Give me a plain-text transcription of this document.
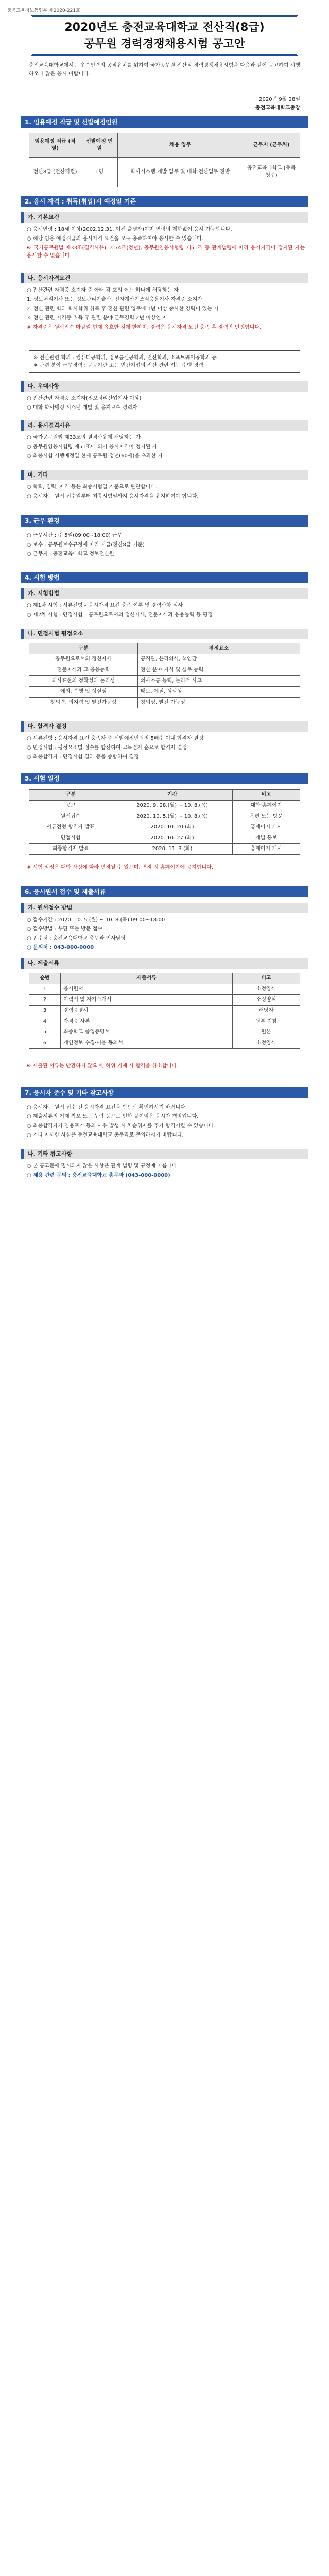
충북교육청노동업무 제2020-221호
2020년도 충전교육대학교 전산직(8급)
공무원 경력경쟁채용시험 공고안
충전교육대학교에서는 우수인력의 공직유치를 위하여 국가공무원 전산직 경력경쟁채용시험을 다음과 같이 공고하여 시행하오니 많은 응시 바랍니다.
2020년 9월 28일
충전교육대학교총장
1. 임용예정 직급 및 선발예정인원
임용예정 직급 (직렬)	선발예정 인원	채용 업무	근무지 (근무처)
전산8급 (전산직렬)	1명	학사시스템 개발 업무 및 대학 전산업무 전반	충전교육대학교 (충북청주)
2. 응시 자격 : 취득(취업)시 예정일 기준
가. 기본요건

○ 응시연령 : 18세 이상(2002.12.31. 이전 출생자)이며 연령의 제한없이 응시 가능합니다.

○ 해당 임용 예정직급의 응시자격 요건을 모두 충족하여야 응시할 수 있습니다.

※ 국가공무원법 제33조(결격사유), 제74조(정년), 공무원임용시험령 제51조 등 관계법령에 따라 응시자격이 정지된 자는 응시할 수 없습니다.

나. 응시자격요건

○ 전산관련 자격증 소지자 중 아래 각 호의 어느 하나에 해당하는 자

1. 정보처리기사 또는 정보관리기술사, 전자계산기조직응용기사 자격증 소지자

2. 전산 관련 학과 학사학위 취득 후 전산 관련 업무에 1년 이상 종사한 경력이 있는 자

3. 전산 관련 자격증 취득 후 관련 분야 근무경력 2년 이상인 자

※ 자격증은 원서접수 마감일 현재 유효한 것에 한하며, 경력은 응시자격 요건 충족 후 경력만 인정합니다.

※ 전산관련 학과 : 컴퓨터공학과, 정보통신공학과, 전산학과, 소프트웨어공학과 등
※ 관련 분야 근무경력 : 공공기관 또는 민간기업의 전산 관련 업무 수행 경력
다. 우대사항

○ 전산관련 자격증 소지자(정보처리산업기사 이상)

○ 대학 학사행정 시스템 개발 및 유지보수 경력자

라. 응시결격사유

○ 국가공무원법 제33조의 결격사유에 해당하는 자

○ 공무원임용시험령 제51조에 의거 응시자격이 정지된 자

○ 최종시험 시행예정일 현재 공무원 정년(60세)을 초과한 자

마. 기타

○ 학력, 경력, 자격 등은 최종시험일 기준으로 판단합니다.

○ 응시자는 원서 접수일부터 최종시험일까지 응시자격을 유지하여야 합니다.

3. 근무 환경

○ 근무시간 : 주 5일(09:00~18:00) 근무

○ 보수 : 공무원보수규정에 따라 지급(전산8급 기준)

○ 근무지 : 충전교육대학교 정보전산원

4. 시험 방법
가. 시험방법

○ 제1차 시험 : 서류전형 – 응시자격 요건 충족 여부 및 경력사항 심사

○ 제2차 시험 : 면접시험 – 공무원으로서의 정신자세, 전문지식과 응용능력 등 평정

나. 면접시험 평정요소
구분	평정요소
공무원으로서의 정신자세	공직관, 윤리의식, 책임감
전문지식과 그 응용능력	전산 분야 지식 및 실무 능력
의사표현의 정확성과 논리성	의사소통 능력, 논리적 사고
예의, 품행 및 성실성	태도, 예절, 성실성
창의력, 의지력 및 발전가능성	창의성, 발전 가능성
다. 합격자 결정

○ 서류전형 : 응시자격 요건 충족자 중 선발예정인원의 5배수 이내 합격자 결정

○ 면접시험 : 평정요소별 점수를 합산하여 고득점자 순으로 합격자 결정

○ 최종합격자 : 면접시험 결과 등을 종합하여 결정

5. 시험 일정
구분	기간	비고
공고	2020. 9. 28.(월) ~ 10. 8.(목)	대학 홈페이지
원서접수	2020. 10. 5.(월) ~ 10. 8.(목)	우편 또는 방문
서류전형 합격자 발표	2020. 10. 20.(화)	홈페이지 게시
면접시험	2020. 10. 27.(화)	개별 통보
최종합격자 발표	2020. 11. 3.(화)	홈페이지 게시
※ 시험 일정은 대학 사정에 따라 변경될 수 있으며, 변경 시 홈페이지에 공지합니다.
6. 응시원서 접수 및 제출서류
가. 원서접수 방법

○ 접수기간 : 2020. 10. 5.(월) ~ 10. 8.(목) 09:00~18:00

○ 접수방법 : 우편 또는 방문 접수

○ 접수처 : 충전교육대학교 총무과 인사담당

○ 문의처 : 043-000-0000

나. 제출서류
순번	제출서류	비고
1	응시원서	소정양식
2	이력서 및 자기소개서	소정양식
3	경력증명서	해당자
4	자격증 사본	원본 지참
5	최종학교 졸업증명서	원본
6	개인정보 수집·이용 동의서	소정양식
※ 제출된 서류는 반환하지 않으며, 허위 기재 시 합격을 취소합니다.
7. 응시자 준수 및 기타 참고사항

○ 응시자는 원서 접수 전 응시자격 요건을 반드시 확인하시기 바랍니다.

○ 제출서류의 기재 착오 또는 누락 등으로 인한 불이익은 응시자 책임입니다.

○ 최종합격자가 임용포기 등의 사유 발생 시 차순위자를 추가 합격시킬 수 있습니다.

○ 기타 자세한 사항은 충전교육대학교 총무과로 문의하시기 바랍니다.

나. 기타 참고사항

○ 본 공고문에 명시되지 않은 사항은 관계 법령 및 규정에 따릅니다.

○ 채용 관련 문의 : 충전교육대학교 총무과 (043-000-0000)
